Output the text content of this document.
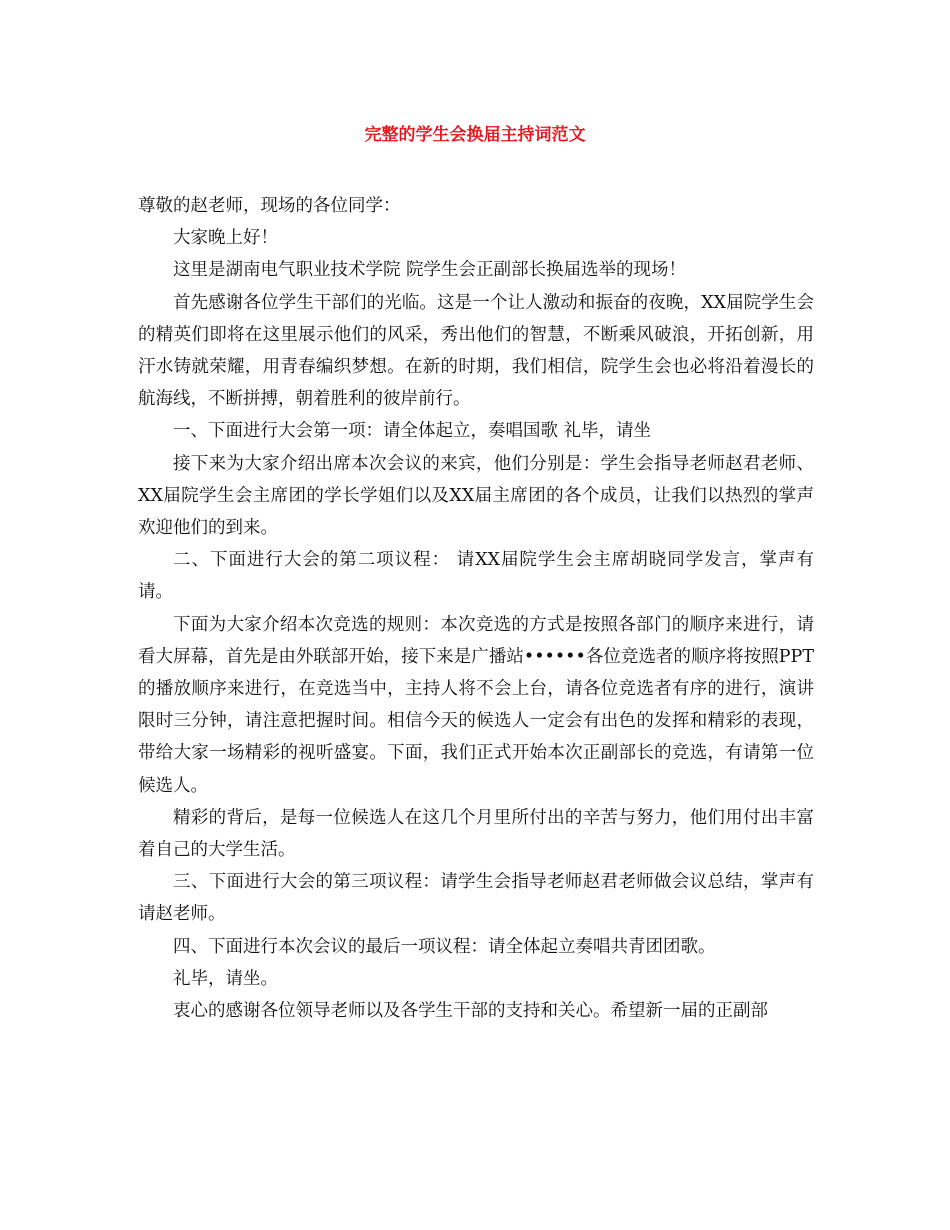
完整的学生会换届主持词范文

尊敬的赵老师，现场的各位同学：

大家晚上好！

这里是湖南电气职业技术学院 院学生会正副部长换届选举的现场！

首先感谢各位学生干部们的光临。这是一个让人激动和振奋的夜晚，XX届院学生会的精英们即将在这里展示他们的风采，秀出他们的智慧，不断乘风破浪，开拓创新，用汗水铸就荣耀，用青春编织梦想。在新的时期，我们相信，院学生会也必将沿着漫长的航海线，不断拼搏，朝着胜利的彼岸前行。

一、下面进行大会第一项：请全体起立，奏唱国歌 礼毕，请坐

接下来为大家介绍出席本次会议的来宾，他们分别是：学生会指导老师赵君老师、XX届院学生会主席团的学长学姐们以及XX届主席团的各个成员，让我们以热烈的掌声欢迎他们的到来。

二、下面进行大会的第二项议程： 请XX届院学生会主席胡晓同学发言，掌声有请。

下面为大家介绍本次竞选的规则：本次竞选的方式是按照各部门的顺序来进行，请看大屏幕，首先是由外联部开始，接下来是广播站••••••各位竞选者的顺序将按照PPT的播放顺序来进行，在竞选当中，主持人将不会上台，请各位竞选者有序的进行，演讲限时三分钟，请注意把握时间。相信今天的候选人一定会有出色的发挥和精彩的表现，带给大家一场精彩的视听盛宴。下面，我们正式开始本次正副部长的竞选，有请第一位候选人。

精彩的背后，是每一位候选人在这几个月里所付出的辛苦与努力，他们用付出丰富着自己的大学生活。

三、下面进行大会的第三项议程：请学生会指导老师赵君老师做会议总结，掌声有请赵老师。

四、下面进行本次会议的最后一项议程：请全体起立奏唱共青团团歌。

礼毕，请坐。

衷心的感谢各位领导老师以及各学生干部的支持和关心。希望新一届的正副部
